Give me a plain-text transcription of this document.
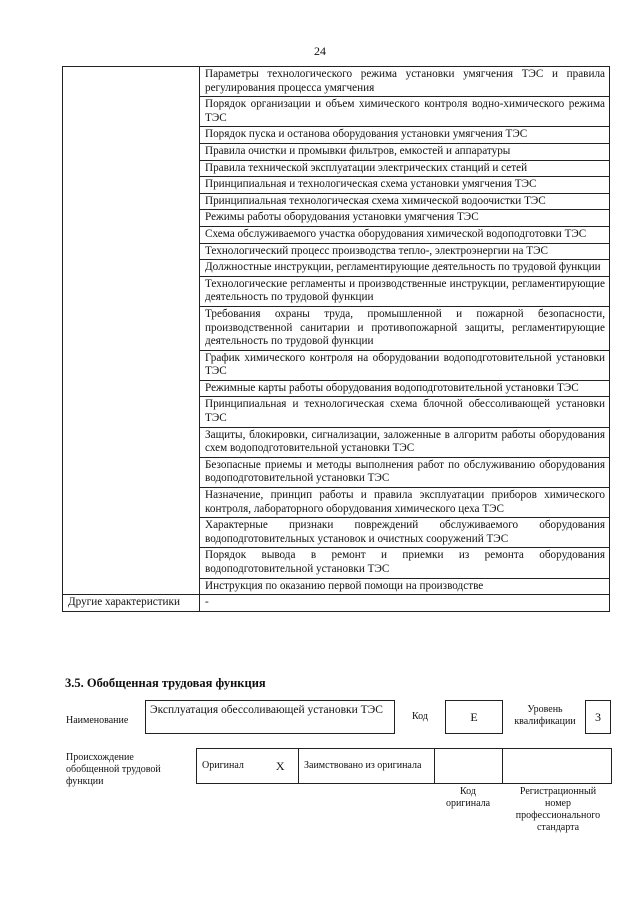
24
	Параметры технологического режима установки умягчения ТЭС и правила регулирования процесса умягчения
	Порядок организации и объем химического контроля водно-химического режима ТЭС
	Порядок пуска и останова оборудования установки умягчения ТЭС
	Правила очистки и промывки фильтров, емкостей и аппаратуры
	Правила технической эксплуатации электрических станций и сетей
	Принципиальная и технологическая схема установки умягчения ТЭС
	Принципиальная технологическая схема химической водоочистки ТЭС
	Режимы работы оборудования установки умягчения ТЭС
	Схема обслуживаемого участка оборудования химической водоподготовки ТЭС
	Технологический процесс производства тепло-, электроэнергии на ТЭС
	Должностные инструкции, регламентирующие деятельность по трудовой функции
	Технологические регламенты и производственные инструкции, регламентирующие деятельность по трудовой функции
	Требования охраны труда, промышленной и пожарной безопасности, производственной санитарии и противопожарной защиты, регламентирующие деятельность по трудовой функции
	График химического контроля на оборудовании водоподготовительной установки ТЭС
	Режимные карты работы оборудования водоподготовительной установки ТЭС
	Принципиальная и технологическая схема блочной обессоливающей установки ТЭС
	Защиты, блокировки, сигнализации, заложенные в алгоритм работы оборудования схем водоподготовительной установки ТЭС
	Безопасные приемы и методы выполнения работ по обслуживанию оборудования водоподготовительной установки ТЭС
	Назначение, принцип работы и правила эксплуатации приборов химического контроля, лабораторного оборудования химического цеха ТЭС
	Характерные признаки повреждений обслуживаемого оборудования водоподготовительных установок и очистных сооружений ТЭС
	Порядок вывода в ремонт и приемки из ремонта оборудования водоподготовительной установки ТЭС
	Инструкция по оказанию первой помощи на производстве
Другие характеристики	-
3.5. Обобщенная трудовая функция
Наименование
Эксплуатация обессоливающей установки ТЭС
Код	E	Уровень квалификации	3
Происхождение обобщенной трудовой функции
Оригинал	X	Заимствовано из оригинала		
Код оригинала
Регистрационный номер профессионального стандарта
